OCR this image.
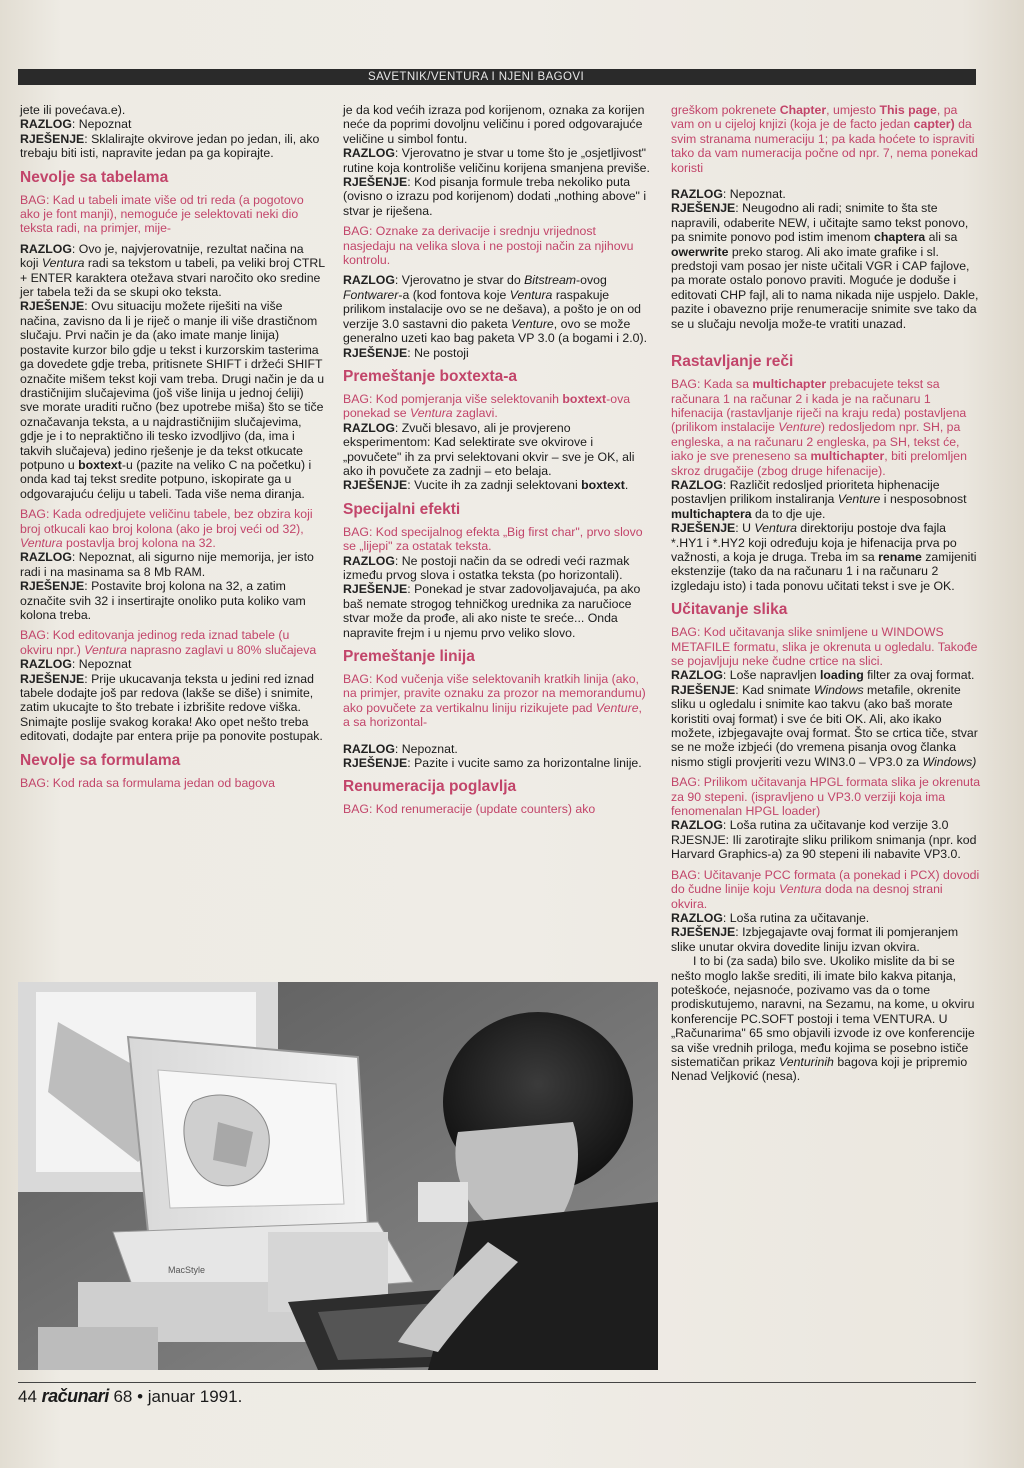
SAVETNIK/VENTURA I NJENI BAGOVI

jete ili povećava.e).

RAZLOG: Nepoznat

RJEŠENJE: Sklalirajte okvirove jedan po jedan, ili, ako trebaju biti isti, napravite jedan pa ga kopirajte.

Nevolje sa tabelama

BAG: Kad u tabeli imate više od tri reda (a pogotovo ako je font manji), nemoguće je selektovati neki dio teksta radi, na primjer, mije-

RAZLOG: Ovo je, najvjerovatnije, rezultat načina na koji Ventura radi sa tekstom u tabeli, pa veliki broj CTRL + ENTER karaktera otežava stvari naročito oko sredine jer tabela teži da se skupi oko teksta.

RJEŠENJE: Ovu situaciju možete riješiti na više načina, zavisno da li je riječ o manje ili više drastičnom slučaju. Prvi način je da (ako imate manje linija) postavite kurzor bilo gdje u tekst i kurzorskim tasterima ga dovedete gdje treba, pritisnete SHIFT i držeći SHIFT označite mišem tekst koji vam treba. Drugi način je da u drastičnijim slučajevima (još više linija u jednoj ćeliji) sve morate uraditi ručno (bez upotrebe miša) što se tiče označavanja teksta, a u najdrastičnijim slučajevima, gdje je i to nepraktično ili tesko izvodljivo (da, ima i takvih slučajeva) jedino rješenje je da tekst otkucate potpuno u boxtext-u (pazite na veliko C na početku) i onda kad taj tekst sredite potpuno, iskopirate ga u odgovarajuću ćeliju u tabeli. Tada više nema diranja.

BAG: Kada odredjujete veličinu tabele, bez obzira koji broj otkucali kao broj kolona (ako je broj veći od 32), Ventura postavlja broj kolona na 32.

RAZLOG: Nepoznat, ali sigurno nije memorija, jer isto radi i na masinama sa 8 Mb RAM.

RJEŠENJE: Postavite broj kolona na 32, a zatim označite svih 32 i insertirajte onoliko puta koliko vam kolona treba.

BAG: Kod editovanja jedinog reda iznad tabele (u okviru npr.) Ventura naprasno zaglavi u 80% slučajeva

RAZLOG: Nepoznat

RJEŠENJE: Prije ukucavanja teksta u jedini red iznad tabele dodajte još par redova (lakše se diše) i snimite, zatim ukucajte to što trebate i izbrišite redove viška. Snimajte poslije svakog koraka! Ako opet nešto treba editovati, dodajte par entera prije pa ponovite postupak.

Nevolje sa formulama

BAG: Kod rada sa formulama jedan od bagova

je da kod većih izraza pod korijenom, oznaka za korijen neće da poprimi dovoljnu veličinu i pored odgovarajuće veličine u simbol fontu.

RAZLOG: Vjerovatno je stvar u tome što je „osjetljivost" rutine koja kontroliše veličinu korijena smanjena previše.

RJEŠENJE: Kod pisanja formule treba nekoliko puta (ovisno o izrazu pod korijenom) dodati „nothing above" i stvar je riješena.

BAG: Oznake za derivacije i srednju vrijednost nasjedaju na velika slova i ne postoji način za njihovu kontrolu.

RAZLOG: Vjerovatno je stvar do Bitstream-ovog Fontwarer-a (kod fontova koje Ventura raspakuje prilikom instalacije ovo se ne dešava), a pošto je on od verzije 3.0 sastavni dio paketa Venture, ovo se može generalno uzeti kao bag paketa VP 3.0 (a bogami i 2.0).

RJEŠENJE: Ne postoji

Premeštanje boxtexta-a

BAG: Kod pomjeranja više selektovanih boxtext-ova ponekad se Ventura zaglavi.

RAZLOG: Zvuči blesavo, ali je provjereno eksperimentom: Kad selektirate sve okvirove i „povučete" ih za prvi selektovani okvir – sve je OK, ali ako ih povučete za zadnji – eto belaja.

RJEŠENJE: Vucite ih za zadnji selektovani boxtext.

Specijalni efekti

BAG: Kod specijalnog efekta „Big first char", prvo slovo se „lijepi" za ostatak teksta.

RAZLOG: Ne postoji način da se odredi veći razmak između prvog slova i ostatka teksta (po horizontali).

RJEŠENJE: Ponekad je stvar zadovoljavajuća, pa ako baš nemate strogog tehničkog urednika za naručioce stvar može da prođe, ali ako niste te sreće... Onda napravite frejm i u njemu prvo veliko slovo.

Premeštanje linija

BAG: Kod vučenja više selektovanih kratkih linija (ako, na primjer, pravite oznaku za prozor na memorandumu) ako povučete za vertikalnu liniju rizikujete pad Venture, a sa horizontal-

RAZLOG: Nepoznat.

RJEŠENJE: Pazite i vucite samo za horizontalne linije.

Renumeracija poglavlja

BAG: Kod renumeracije (update counters) ako

greškom pokrenete Chapter, umjesto This page, pa vam on u cijeloj knjizi (koja je de facto jedan capter) da svim stranama numeraciju 1; pa kada hoćete to ispraviti tako da vam numeracija počne od npr. 7, nema ponekad koristi

RAZLOG: Nepoznat.

RJEŠENJE: Neugodno ali radi; snimite to šta ste napravili, odaberite NEW, i učitajte samo tekst ponovo, pa snimite ponovo pod istim imenom chaptera ali sa owerwrite preko starog. Ali ako imate grafike i sl. predstoji vam posao jer niste učitali VGR i CAP fajlove, pa morate ostalo ponovo praviti. Moguće je doduše i editovati CHP fajl, ali to nama nikada nije uspjelo. Dakle, pazite i obavezno prije renumeracije snimite sve tako da se u slučaju nevolja može-te vratiti unazad.

Rastavljanje reči

BAG: Kada sa multichapter prebacujete tekst sa računara 1 na računar 2 i kada je na računaru 1 hifenacija (rastavljanje riječi na kraju reda) postavljena (prilikom instalacije Venture) redosljedom npr. SH, pa engleska, a na računaru 2 engleska, pa SH, tekst će, iako je sve preneseno sa multichapter, biti prelomljen skroz drugačije (zbog druge hifenacije).

RAZLOG: Različit redosljed prioriteta hiphenacije postavljen prilikom instaliranja Venture i nesposobnost multichaptera da to dje uje.

RJEŠENJE: U Ventura direktoriju postoje dva fajla *.HY1 i *.HY2 koji određuju koja je hifenacija prva po važnosti, a koja je druga. Treba im sa rename zamijeniti ekstenzije (tako da na računaru 1 i na računaru 2 izgledaju isto) i tada ponovu učitati tekst i sve je OK.

Učitavanje slika

BAG: Kod učitavanja slike snimljene u WINDOWS METAFILE formatu, slika je okrenuta u ogledalu. Takođe se pojavljuju neke čudne crtice na slici.

RAZLOG: Loše napravljen loading filter za ovaj format.

RJEŠENJE: Kad snimate Windows metafile, okrenite sliku u ogledalu i snimite kao takvu (ako baš morate koristiti ovaj format) i sve će biti OK. Ali, ako ikako možete, izbjegavajte ovaj format. Što se crtica tiče, stvar se ne može izbjeći (do vremena pisanja ovog članka nismo stigli provjeriti vezu WIN3.0 – VP3.0 za Windows)

BAG: Prilikom učitavanja HPGL formata slika je okrenuta za 90 stepeni. (ispravljeno u VP3.0 verziji koja ima fenomenalan HPGL loader)

RAZLOG: Loša rutina za učitavanje kod verzije 3.0

RJESNJE: Ili zarotirajte sliku prilikom snimanja (npr. kod Harvard Graphics-a) za 90 stepeni ili nabavite VP3.0.

BAG: Učitavanje PCC formata (a ponekad i PCX) dovodi do čudne linije koju Ventura doda na desnoj strani okvira.

RAZLOG: Loša rutina za učitavanje.

RJEŠENJE: Izbjegajavte ovaj format ili pomjeranjem slike unutar okvira dovedite liniju izvan okvira.

I to bi (za sada) bilo sve. Ukoliko mislite da bi se nešto moglo lakše srediti, ili imate bilo kakva pitanja, poteškoće, nejasnoće, pozivamo vas da o tome prodiskutujemo, naravni, na Sezamu, na kome, u okviru konferencije PC.SOFT postoji i tema VENTURA. U „Računarima" 65 smo objavili izvode iz ove konferencije sa više vrednih priloga, među kojima se posebno ističe sistematičan prikaz Venturinih bagova koji je pripremio Nenad Veljković (nesa).

MacStyle
44 računari 68 • januar 1991.
